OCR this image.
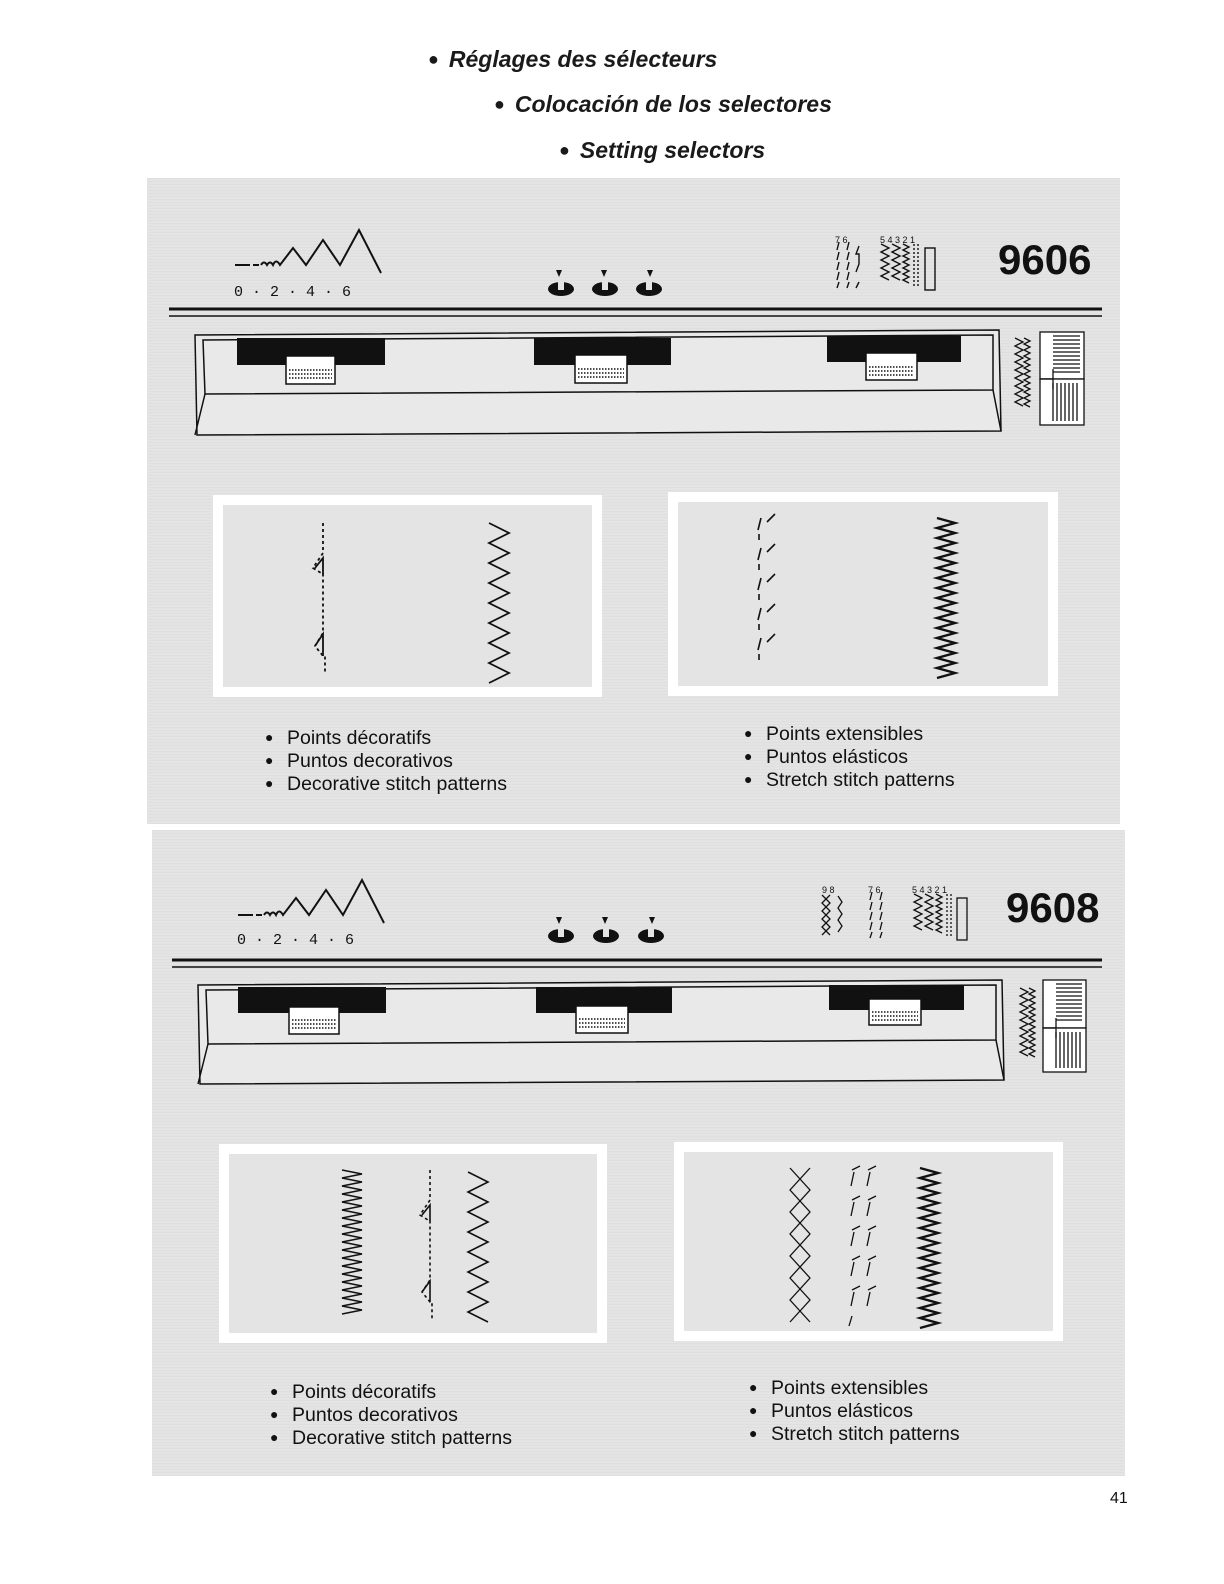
● Réglages des sélecteurs
● Colocación de los selectores
● Setting selectors
7 6	5 4 3 2 1
0 · 2 · 4 · 6
9606
● Points décoratifs
● Puntos decorativos
● Decorative stitch patterns
● Points extensibles
● Puntos elásticos
● Stretch stitch patterns
9 8	7 6	5 4 3 2 1
0 · 2 · 4 · 6
9608
● Points décoratifs
● Puntos decorativos
● Decorative stitch patterns
● Points extensibles
● Puntos elásticos
● Stretch stitch patterns
41
